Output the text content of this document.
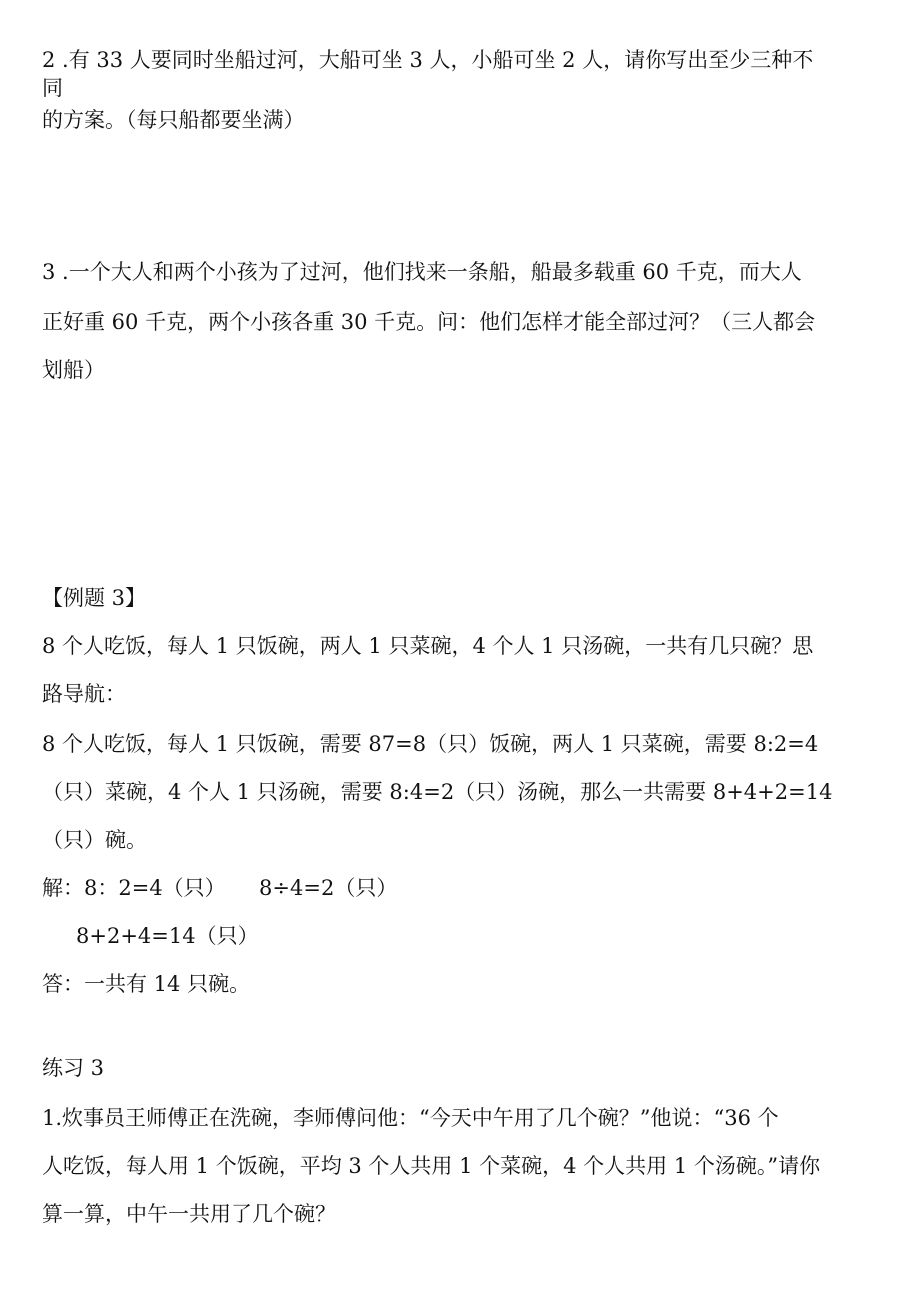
2 .有 33 人要同时坐船过河，大船可坐 3 人，小船可坐 2 人，请你写出至少三种不
同
的方案。（每只船都要坐满）
3 .一个大人和两个小孩为了过河，他们找来一条船，船最多载重 60 千克，而大人
正好重 60 千克，两个小孩各重 30 千克。问：他们怎样才能全部过河？（三人都会
划船）
【例题 3】
8 个人吃饭，每人 1 只饭碗，两人 1 只菜碗，4 个人 1 只汤碗，一共有几只碗？思
路导航：
8 个人吃饭，每人 1 只饭碗，需要 87=8（只）饭碗，两人 1 只菜碗，需要 8:2=4
（只）菜碗，4 个人 1 只汤碗，需要 8:4=2（只）汤碗，那么一共需要 8+4+2=14
（只）碗。
解：8：2=4（只）     8÷4=2（只）
8+2+4=14（只）
答：一共有 14 只碗。
练习 3
1.炊事员王师傅正在洗碗，李师傅问他：“今天中午用了几个碗？”他说：“36 个
人吃饭，每人用 1 个饭碗，平均 3 个人共用 1 个菜碗，4 个人共用 1 个汤碗。”请你
算一算，中午一共用了几个碗？
